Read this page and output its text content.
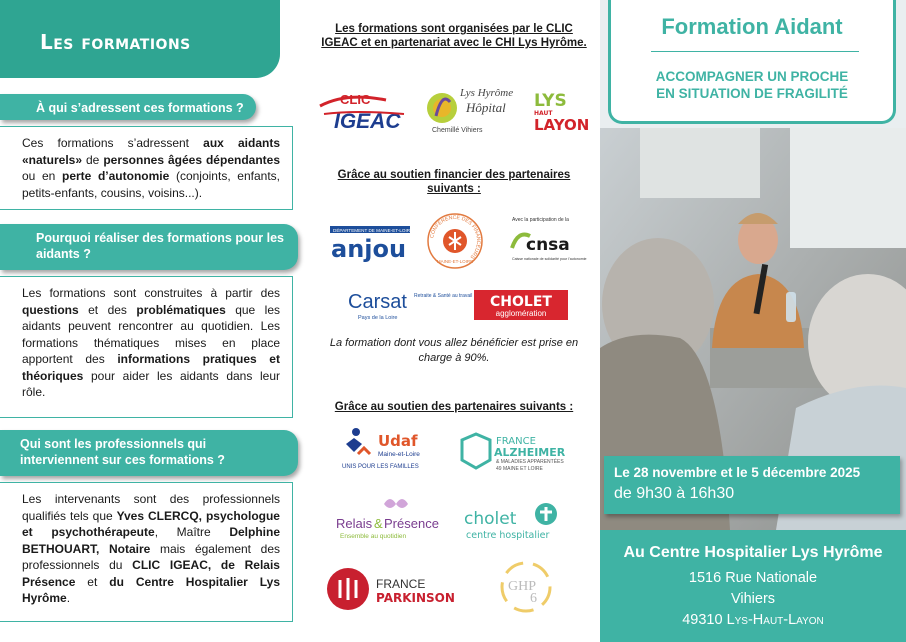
Les formations
À qui s’adressent ces formations ?

Ces formations s’adressent aux aidants «naturels» de personnes âgées dépendantes ou en perte d’autonomie (conjoints, enfants, petits-enfants, cousins, voisins...).

Pourquoi réaliser des formations pour les aidants ?

Les formations sont construites à partir des questions et des problématiques que les aidants peuvent rencontrer au quotidien. Les formations thématiques mises en place apportent des informations pratiques et théoriques pour aider les aidants dans leur rôle.

Qui sont les professionnels qui interviennent sur ces formations ?

Les intervenants sont des professionnels qualifiés tels que Yves CLERCQ, psychologue et psychothérapeute, Maître Delphine BETHOUART, Notaire mais également des professionnels du CLIC IGEAC, de Relais Présence et du Centre Hospitalier Lys Hyrôme.

Les formations sont organisées par le CLIC IGEAC et en partenariat avec le CHI Lys Hyrôme.
CLIC
IGEAC
Lys Hyrôme
Hôpital
Chemillé Vihiers
LYS
HAUT
LAYON
Grâce au soutien financier des partenaires suivants :
DÉPARTEMENT DE MAINE-ET-LOIRE
anjou	CONFÉRENCE DES FINANCEURS
MAINE-ET-LOIRE
Avec la participation de la
cnsa
Caisse nationale de solidarité pour l’autonomie
Carsat Retraite & Santé au travail
Pays de la Loire
CHOLET
agglomération
La formation dont vous allez bénéficier est prise en charge à 90%.
Grâce au soutien des partenaires suivants :
Udaf
Maine-et-Loire
UNIS POUR LES FAMILLES
FRANCE
ALZHEIMER
& MALADIES APPARENTÉES
49 MAINE ET LOIRE
Relais & Présence
Ensemble au quotidien
cholet
centre hospitalier
FRANCE
PARKINSON
GHP
6
Formation Aidant
ACCOMPAGNER UN PROCHE
EN SITUATION DE FRAGILITÉ
Le 28 novembre et le 5 décembre 2025
de 9h30 à 16h30
Au Centre Hospitalier Lys Hyrôme
1516 Rue Nationale
Vihiers
49310 Lys-Haut-Layon
